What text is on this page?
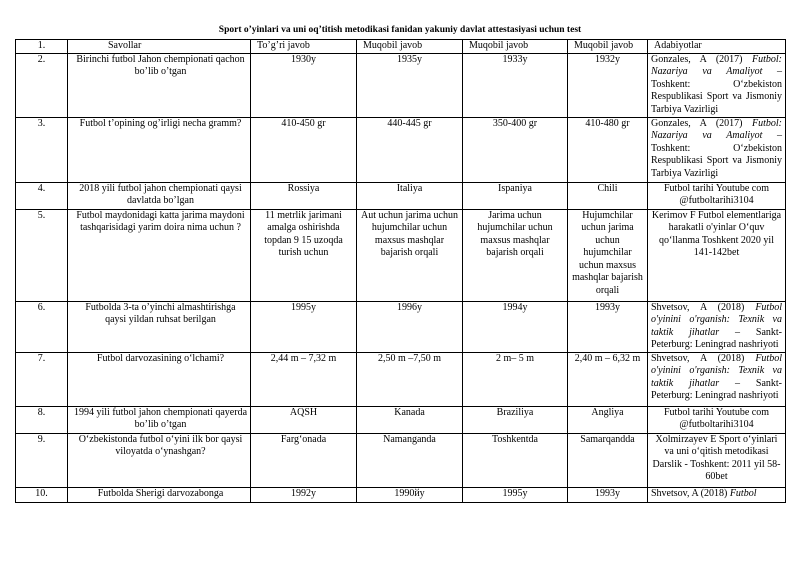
Sport o’yinlari va uni oq’titish metodikasi fanidan yakuniy davlat attestasiyasi uchun test
1.	Savollar	To’g’ri javob	Muqobil javob	Muqobil javob	Muqobil javob	Adabiyotlar
2.	Birinchi futbol Jahon chempionati qachon bo’lib o’tgan	1930y	1935y	1933y	1932y	Gonzales, A (2017) Futbol: Nazariya va Amaliyot – Toshkent: O‘zbekiston Respublikasi Sport va Jismoniy Tarbiya Vazirligi
3.	Futbol t’opining og’irligi necha gramm?	410-450 gr	440-445 gr	350-400 gr	410-480 gr	Gonzales, A (2017) Futbol: Nazariya va Amaliyot – Toshkent: O‘zbekiston Respublikasi Sport va Jismoniy Tarbiya Vazirligi
4.	2018 yili futbol jahon chempionati qaysi davlatda bo’lgan	Rossiya	Italiya	Ispaniya	Chili	Futbol tarihi Youtube com @futboltarihi3104
5.	Futbol maydonidagi katta jarima maydoni tashqarisidagi yarim doira nima uchun ?	11 metrlik jarimani amalga oshirishda topdan 9 15 uzoqda turish uchun	Aut uchun jarima uchun hujumchilar uchun maxsus mashqlar bajarish orqali	Jarima uchun hujumchilar uchun maxsus mashqlar bajarish orqali	Hujumchilar uchun jarima uchun hujumchilar uchun maxsus mashqlar bajarish orqali	Kerimov F Futbol elementlariga harakatli o'yinlar O‘quv qo‘llanma Toshkent 2020 yil 141-142bet
6.	Futbolda 3-ta o’yinchi almashtirishga qaysi yildan ruhsat berilgan	1995y	1996y	1994y	1993y	Shvetsov, A (2018) Futbol o'yinini o'rganish: Texnik va taktik jihatlar – Sankt-Peterburg: Leningrad nashriyoti
7.	Futbol darvozasining o‘lchami?	2,44 m – 7,32 m	2,50 m –7,50 m	2 m– 5 m	2,40 m – 6,32 m	Shvetsov, A (2018) Futbol o'yinini o'rganish: Texnik va taktik jihatlar – Sankt-Peterburg: Leningrad nashriyoti
8.	1994 yili futbol jahon chempionati qayerda bo’lib o’tgan	AQSH	Kanada	Braziliya	Angliya	Futbol tarihi Youtube com @futboltarihi3104
9.	O‘zbekistonda futbol o‘yini ilk bor qaysi viloyatda o‘ynashgan?	Farg‘onada	Namanganda	Toshkentda	Samarqandda	Xolmirzayev E Sport o‘yinlari va uni o‘qitish metodikasi Darslik - Toshkent: 2011 yil 58-60bet
10.	Futbolda Sherigi darvozabonga	1992y	1990йy	1995y	1993y	Shvetsov, A (2018) Futbol
